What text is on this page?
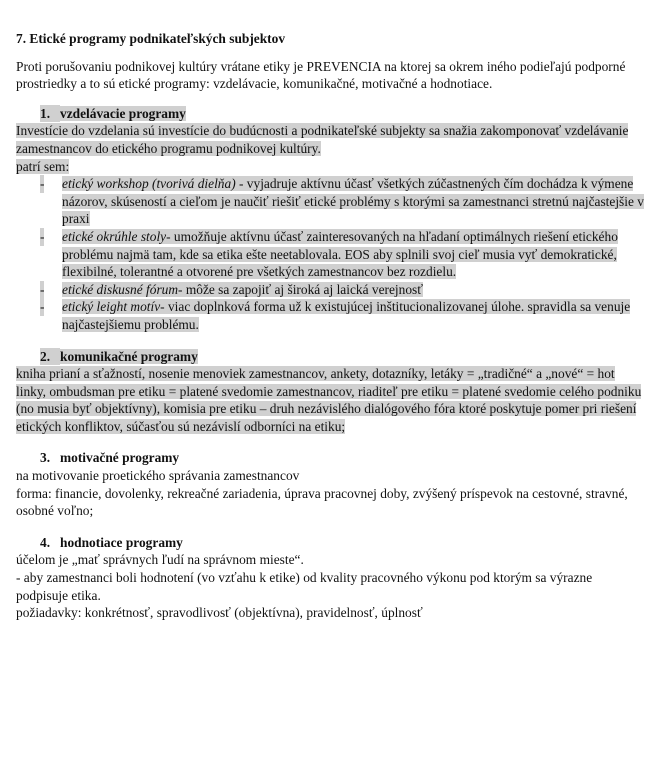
7. Etické programy podnikateľských subjektov

Proti porušovaniu podnikovej kultúry vrátane etiky je PREVENCIA na ktorej sa okrem iného podieľajú podporné prostriedky a to sú etické programy: vzdelávacie, komunikačné, motivačné a hodnotiace.

1. vzdelávacie programy

Investície do vzdelania sú investície do budúcnosti a podnikateľské subjekty sa snažia zakomponovať vzdelávanie zamestnancov do etického programu podnikovej kultúry.

patrí sem:

- etický workshop (tvorivá dielňa) - vyjadruje aktívnu účasť všetkých zúčastnených čím dochádza k výmene názorov, skúseností a cieľom je naučiť riešiť etické problémy s ktorými sa zamestnanci stretnú najčastejšie v praxi
- etické okrúhle stoly- umožňuje aktívnu účasť zainteresovaných na hľadaní optimálnych riešení etického problému najmä tam, kde sa etika ešte neetablovala. EOS aby splnili svoj cieľ musia vyť demokratické, flexibilné, tolerantné a otvorené pre všetkých zamestnancov bez rozdielu.
- etické diskusné fórum- môže sa zapojiť aj široká aj laická verejnosť
- etický leight motív- viac doplnková forma už k existujúcej inštitucionalizovanej úlohe. spravidla sa venuje najčastejšiemu problému.
2. komunikačné programy

kniha prianí a sťažností, nosenie menoviek zamestnancov, ankety, dotazníky, letáky = „tradičné“ a „nové“ = hot linky, ombudsman pre etiku = platené svedomie zamestnancov, riaditeľ pre etiku = platené svedomie celého podniku (no musia byť objektívny), komisia pre etiku – druh nezávislého dialógového fóra ktoré poskytuje pomer pri riešení etických konfliktov, súčasťou sú nezávislí odborníci na etiku;

3. motivačné programy

na motivovanie proetického správania zamestnancov

forma: financie, dovolenky, rekreačné zariadenia, úprava pracovnej doby, zvýšený príspevok na cestovné, stravné, osobné voľno;

4. hodnotiace programy

účelom je „mať správnych ľudí na správnom mieste“.

- aby zamestnanci boli hodnotení (vo vzťahu k etike) od kvality pracovného výkonu pod ktorým sa výrazne podpisuje etika.

požiadavky: konkrétnosť, spravodlivosť (objektívna), pravidelnosť, úplnosť
